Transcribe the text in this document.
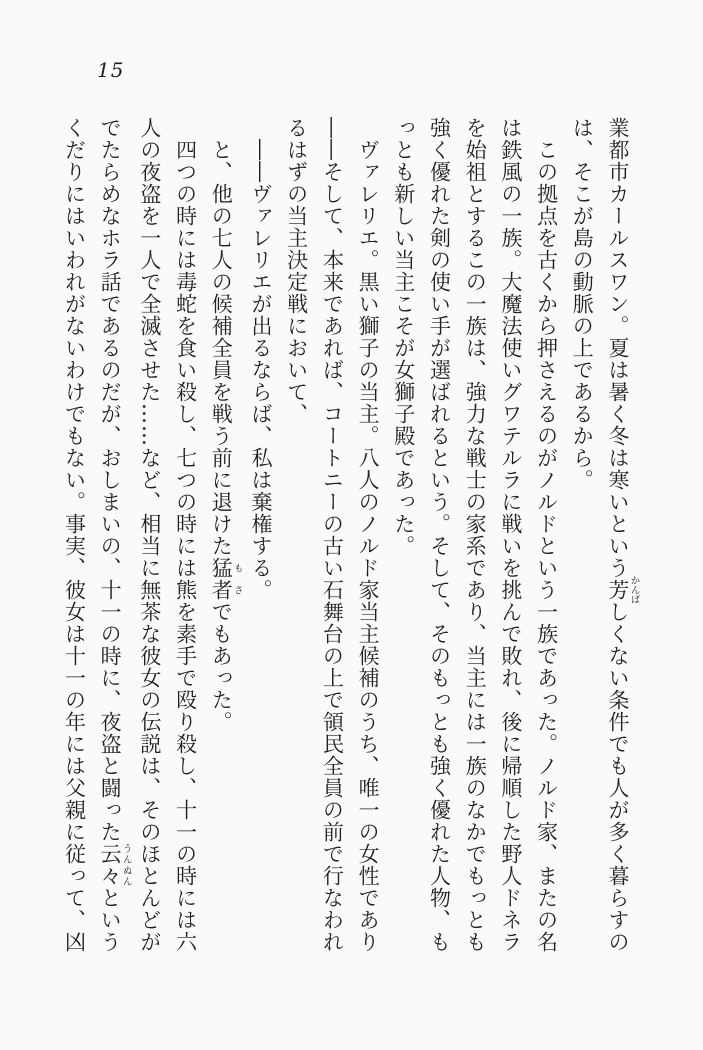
15
業都市カールスワン。夏は暑く冬は寒いという芳かんばしくない条件でも人が多く暮らすの
は、そこが島の動脈の上であるから。
この拠点を古くから押さえるのがノルドという一族であった。ノルド家、またの名
は鉄風の一族。大魔法使いグワテルラに戦いを挑んで敗れ、後に帰順した野人ドネラ
を始祖とするこの一族は、強力な戦士の家系であり、当主には一族のなかでもっとも
強く優れた剣の使い手が選ばれるという。そして、そのもっとも強く優れた人物、も
っとも新しい当主こそが女獅子殿であった。
ヴァレリエ。黒い獅子の当主。八人のノルド家当主候補のうち、唯一の女性であり
――そして、本来であれば、コートニーの古い石舞台の上で領民全員の前で行なわれ
るはずの当主決定戦において、
――ヴァレリエが出るならば、私は棄権する。
と、他の七人の候補全員を戦う前に退けた猛者もさでもあった。
四つの時には毒蛇を食い殺し、七つの時には熊を素手で殴り殺し、十一の時には六
人の夜盗を一人で全滅させた……など、相当に無茶な彼女の伝説は、そのほとんどが
でたらめなホラ話であるのだが、おしまいの、十一の時に、夜盗と闘った云々うんぬんという
くだりにはいわれがないわけでもない。事実、彼女は十一の年には父親に従って、凶
